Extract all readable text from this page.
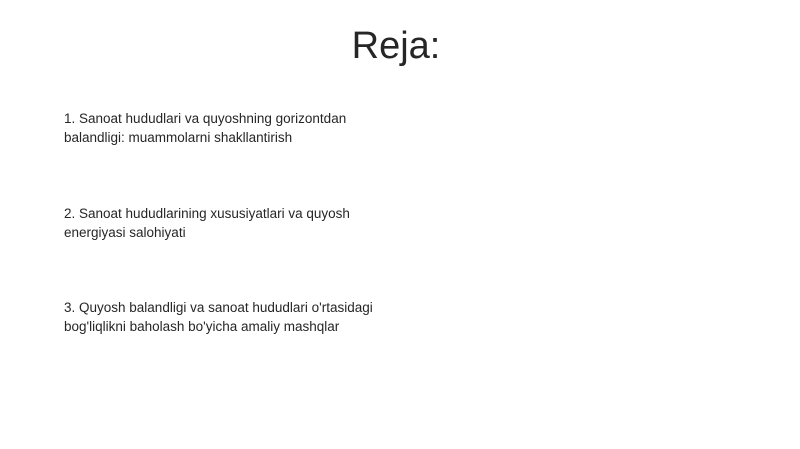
Reja:
1. Sanoat hududlari va quyoshning gorizontdan
balandligi: muammolarni shakllantirish
2. Sanoat hududlarining xususiyatlari va quyosh
energiyasi salohiyati
3. Quyosh balandligi va sanoat hududlari o'rtasidagi
bog'liqlikni baholash bo'yicha amaliy mashqlar
